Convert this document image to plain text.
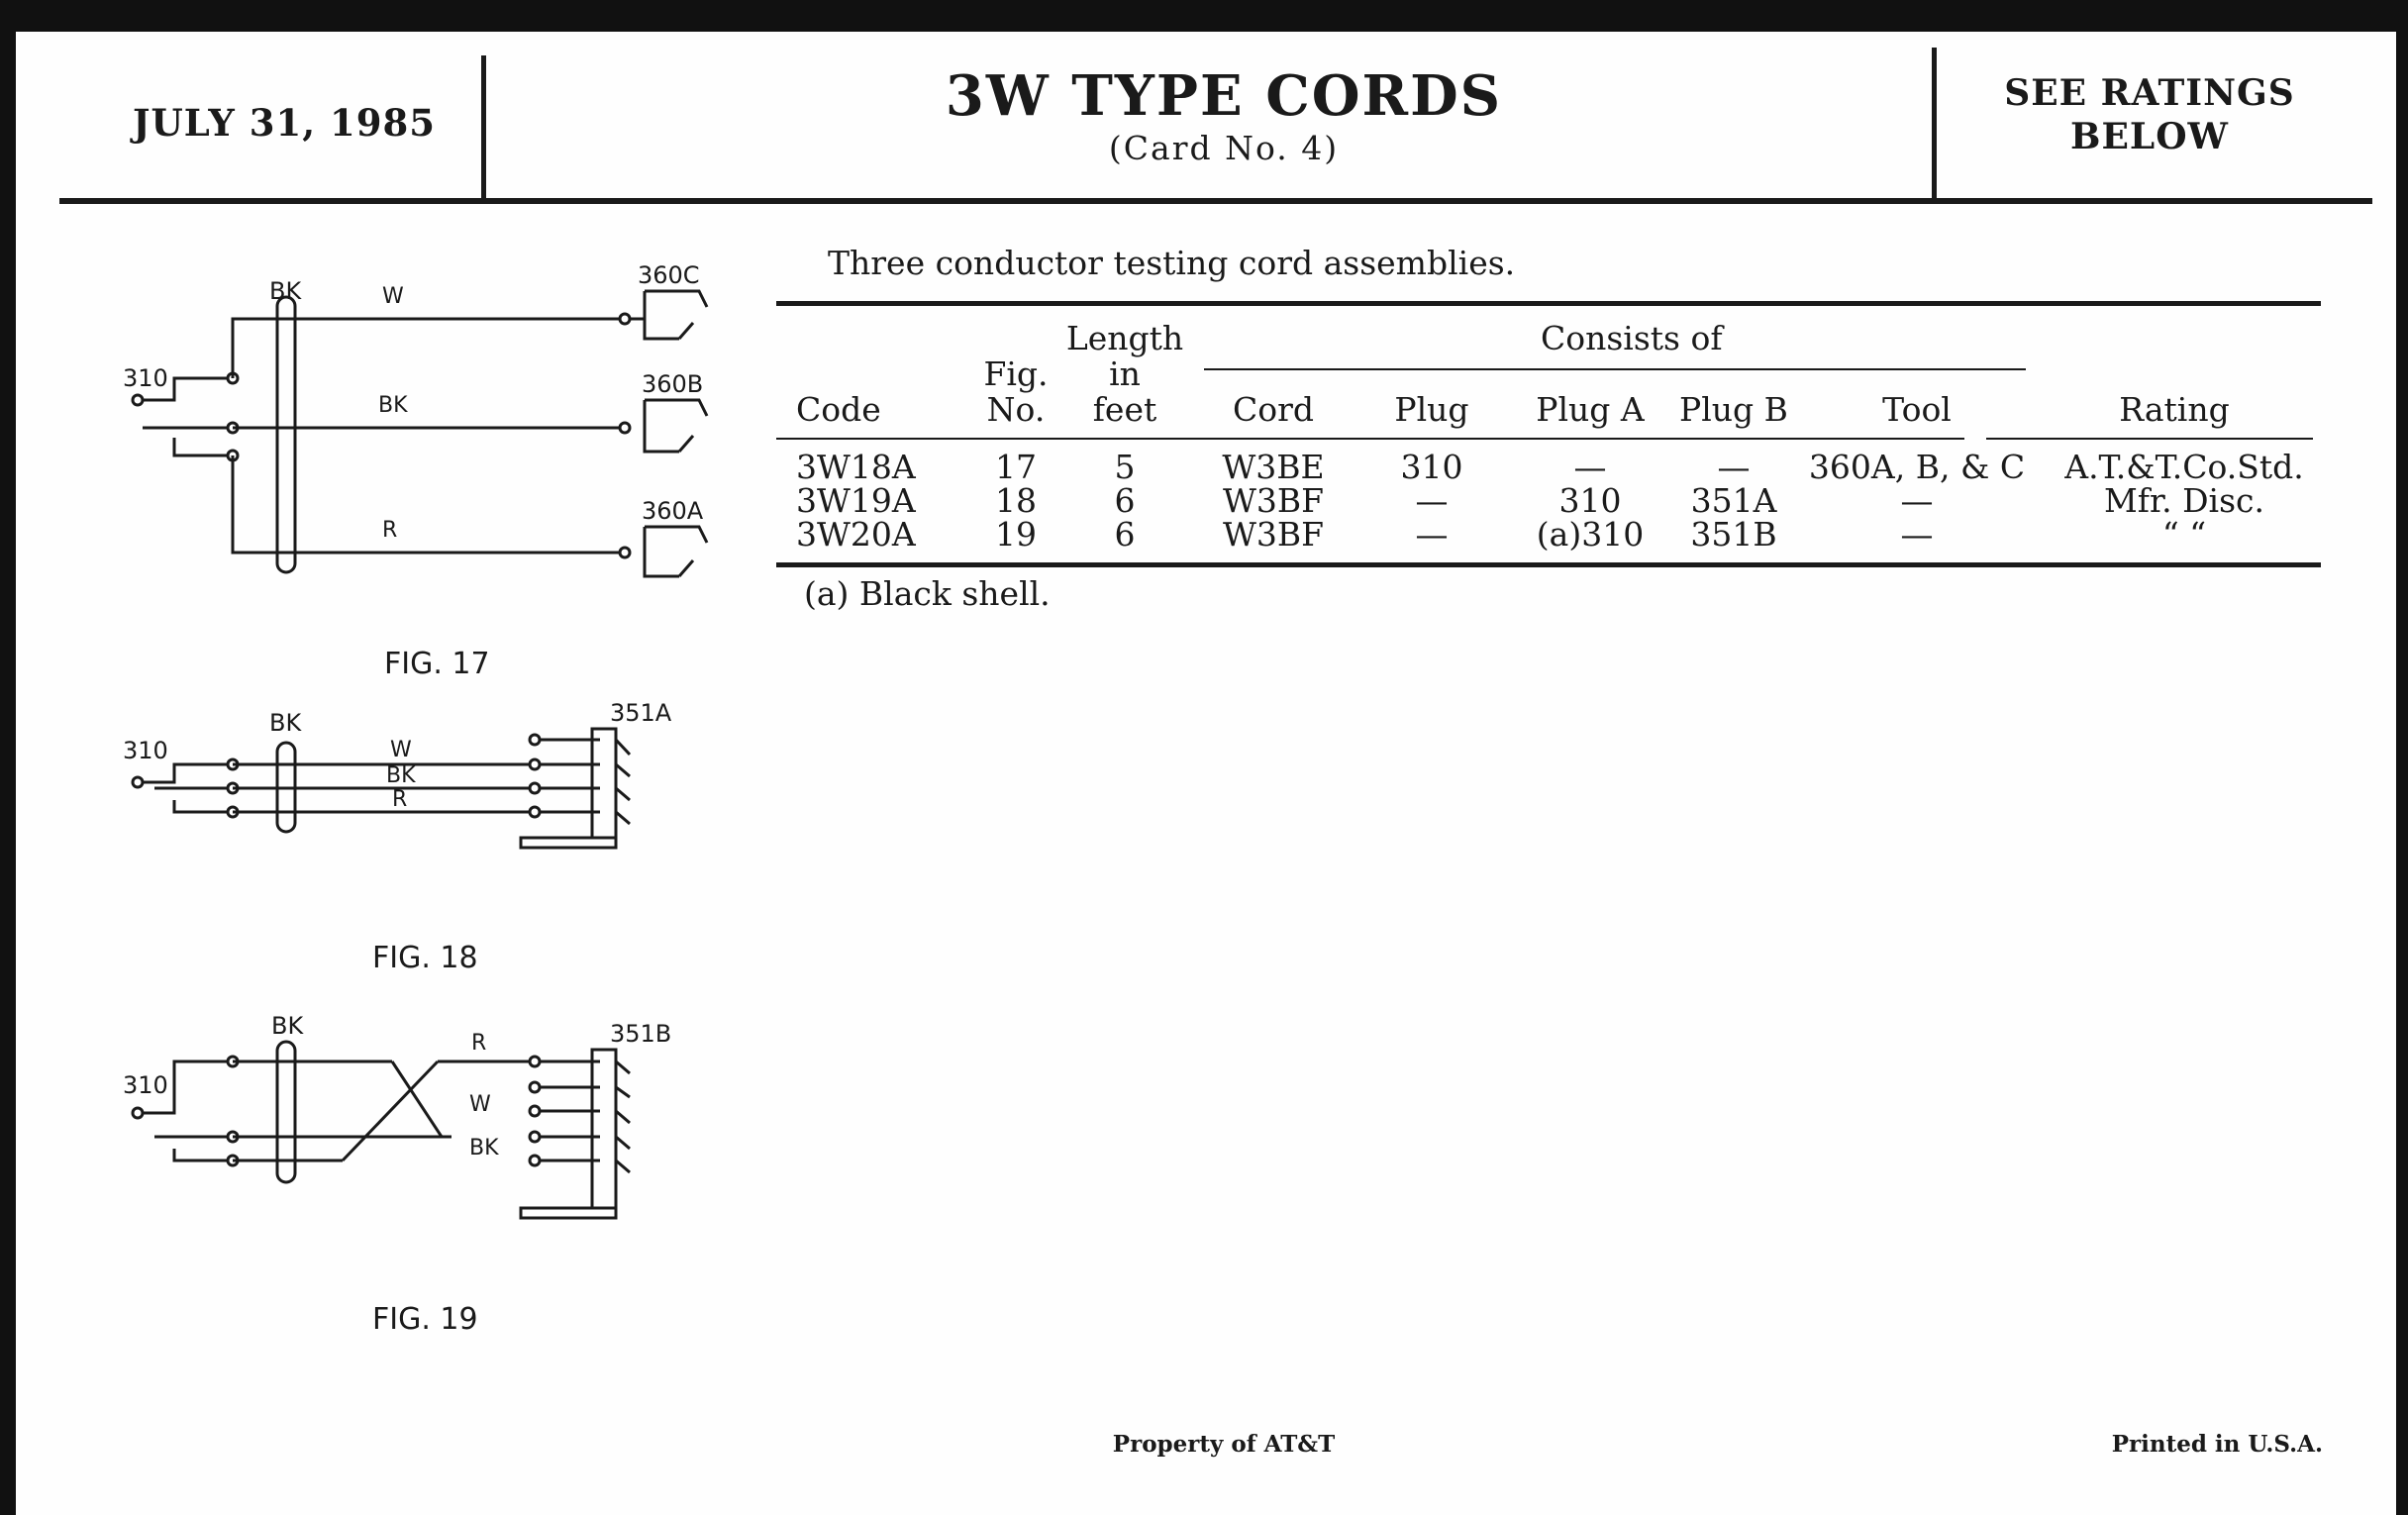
JULY 31, 1985	3W TYPE CORDS
(Card No. 4)
SEE RATINGS
BELOW
Three conductor testing cord assemblies.
Consists of
Code
Fig.
No.
Length
in
feet	Cord	Plug	Plug A	Plug B	Tool	Rating
3W18A	17	5	W3BE	310	—	—	360A, B, & C	A.T.&T.Co.Std.
3W19A	18	6	W3BF	—	310	351A	—	Mfr. Disc.
3W20A	19	6	W3BF	—	(a)310	351B	—	“ “
(a) Black shell.
310
BK	W
BK
R
360C
360B
360A
FIG. 17
310
BK
W
BK
R
351A
FIG. 18
310
BK
R
W
BK
351B
FIG. 19
Property of AT&T	Printed in U.S.A.
